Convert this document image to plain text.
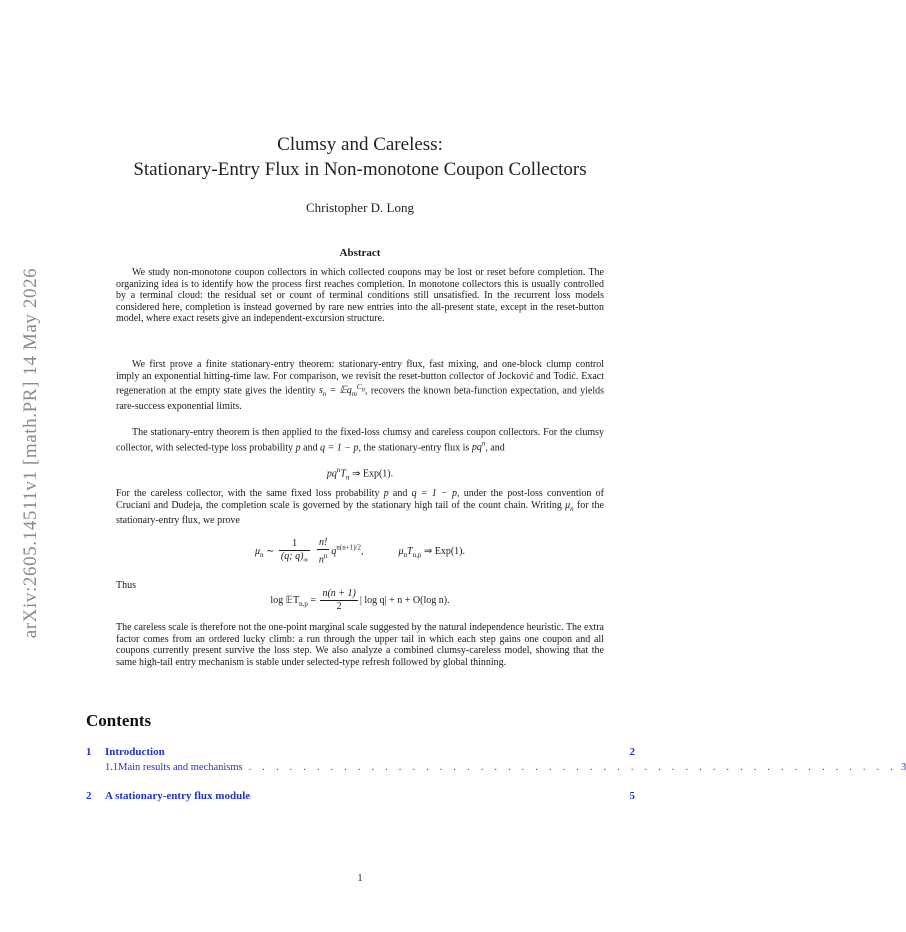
arXiv:2605.14511v1 [math.PR] 14 May 2026
Clumsy and Careless:
Stationary-Entry Flux in Non-monotone Coupon Collectors
Christopher D. Long
Abstract

We study non-monotone coupon collectors in which collected coupons may be lost or reset before completion. The organizing idea is to identify how the process first reaches completion. In monotone collectors this is usually controlled by a terminal cloud: the residual set or count of terminal conditions still unsatisfied. In the recurrent loss models considered here, completion is instead governed by rare new entries into the all-present state, except in the reset-button model, where exact resets give an independent-excursion structure.

We first prove a finite stationary-entry theorem: stationary-entry flux, fast mixing, and one-block clump control imply an exponential hitting-time law. For comparison, we revisit the reset-button collector of Jocković and Todić. Exact regeneration at the empty state gives the identity $s_n$ = 𝔼q$_m^{C_n}$, recovers the known beta-function expectation, and yields rare-success exponential limits.

The stationary-entry theorem is then applied to the fixed-loss clumsy and careless coupon collectors. For the clumsy collector, with selected-type loss probability p and q = 1 − p, the stationary-entry flux is $pq^n$, and

$pq^nT_n$ ⇒ Exp(1).

For the careless collector, with the same fixed loss probability p and q = 1 − p, under the post-loss convention of Cruciani and Dudeja, the completion scale is governed by the stationary high tail of the count chain. Writing $\mu_n$ for the stationary-entry flux, we prove

$\mu_n$ ∼ $\frac{1}{(q; q)_\infty}$
$\frac{n!}{n^n} q^{n(n+1)/2}$,	$\mu_nT_{n,p}$ ⇒ Exp(1).

Thus

log 𝔼T$_{n,p}$ = $\frac{n(n + 1)}{2}$ | log q| + n + O(log n).

The careless scale is therefore not the one-point marginal scale suggested by the natural independence heuristic. The extra factor comes from an ordered lucky climb: a run through the upper tail in which each step gains one coupon and all coupons currently present survive the loss step. We also analyze a combined clumsy-careless model, showing that the same high-tail entry mechanism is stable under selected-type refresh followed by global thinning.

Contents
1	Introduction	2
1.1 Main results and mechanisms . . . . . . . . . . . . . . . . . . . . . . . . . . . . . . . . . . . . . . . . . . . . . . . . 3
2	A stationary-entry flux module	5
1
